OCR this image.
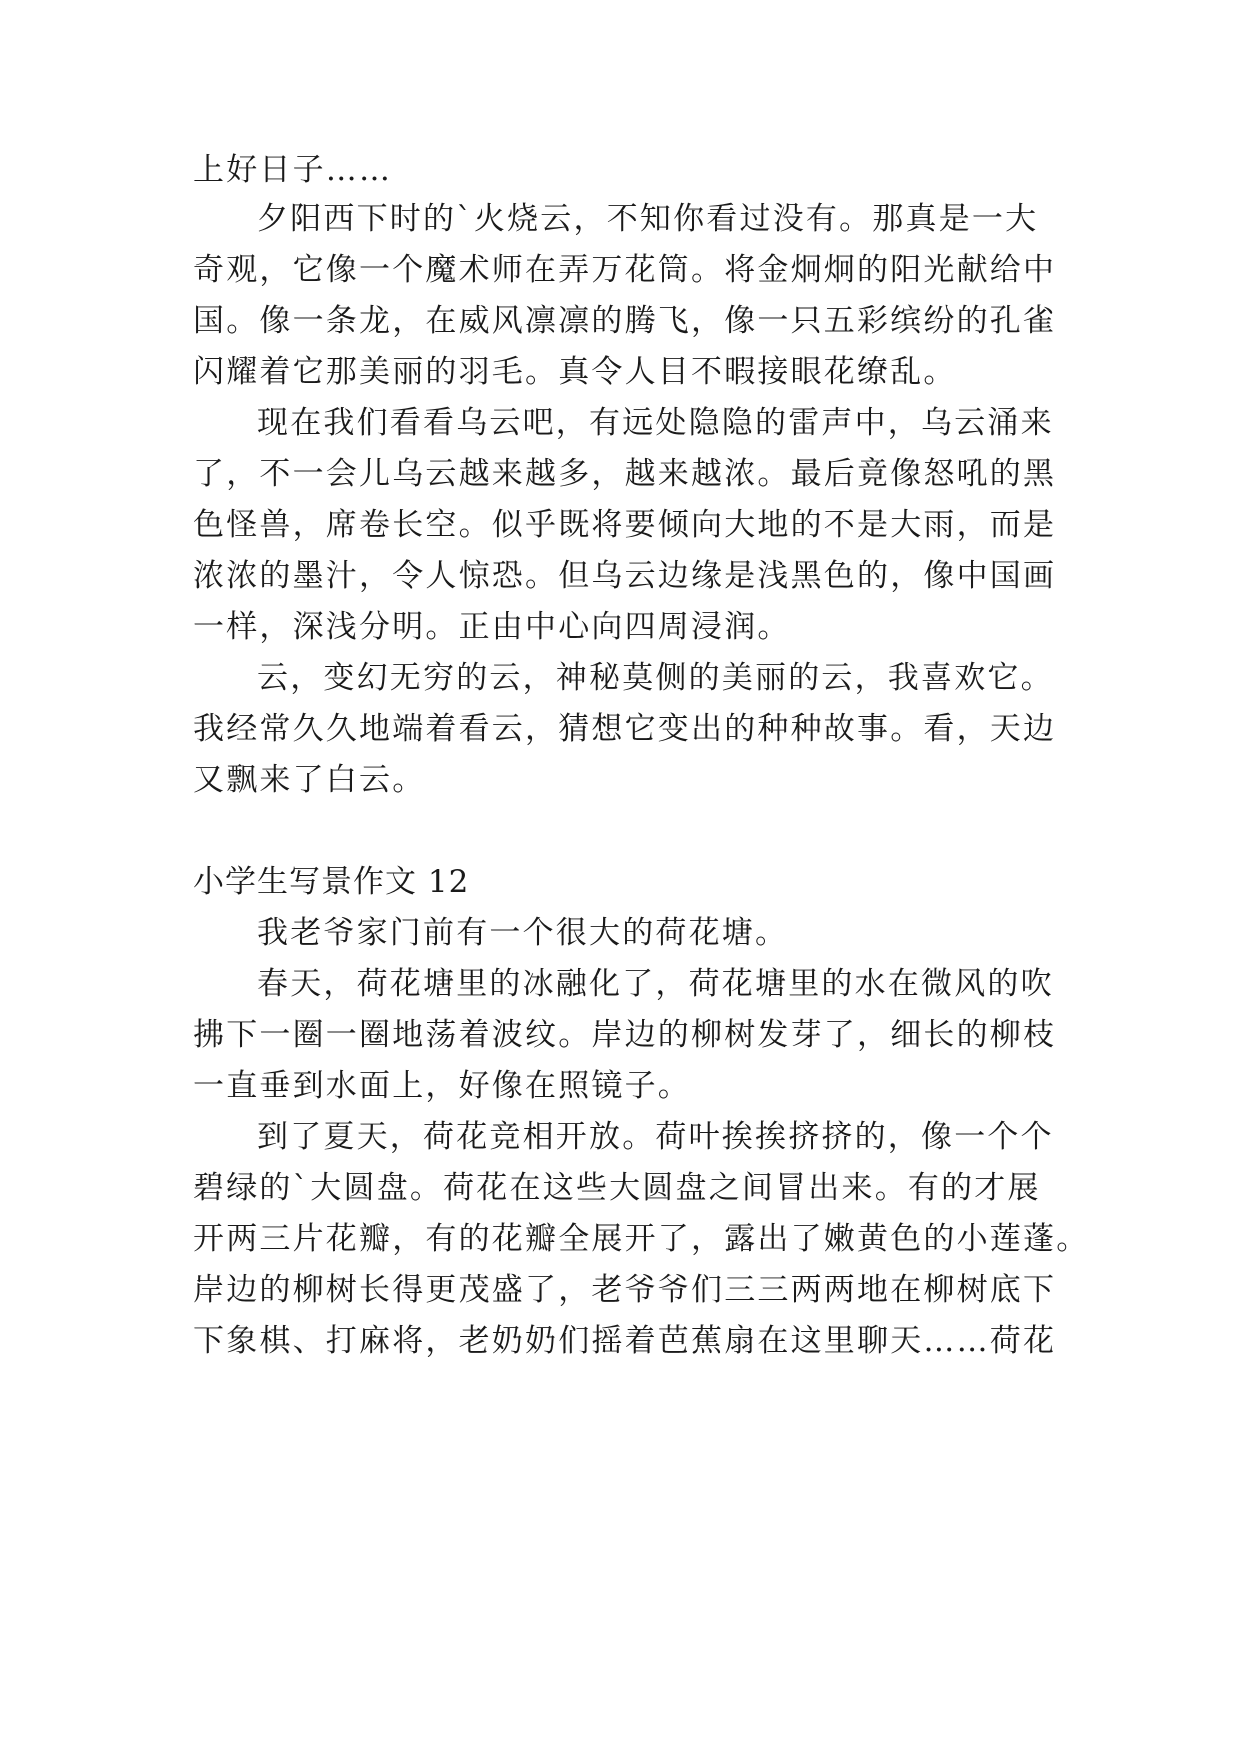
上好日子……
夕阳西下时的`火烧云，不知你看过没有。那真是一大
奇观，它像一个魔术师在弄万花筒。将金炯炯的阳光献给中
国。像一条龙，在威风凛凛的腾飞，像一只五彩缤纷的孔雀
闪耀着它那美丽的羽毛。真令人目不暇接眼花缭乱。
现在我们看看乌云吧，有远处隐隐的雷声中，乌云涌来
了，不一会儿乌云越来越多，越来越浓。最后竟像怒吼的黑
色怪兽，席卷长空。似乎既将要倾向大地的不是大雨，而是
浓浓的墨汁，令人惊恐。但乌云边缘是浅黑色的，像中国画
一样，深浅分明。正由中心向四周浸润。
云，变幻无穷的云，神秘莫侧的美丽的云，我喜欢它。
我经常久久地端着看云，猜想它变出的种种故事。看，天边
又飘来了白云。
小学生写景作文 12
我老爷家门前有一个很大的荷花塘。
春天，荷花塘里的冰融化了，荷花塘里的水在微风的吹
拂下一圈一圈地荡着波纹。岸边的柳树发芽了，细长的柳枝
一直垂到水面上，好像在照镜子。
到了夏天，荷花竞相开放。荷叶挨挨挤挤的，像一个个
碧绿的`大圆盘。荷花在这些大圆盘之间冒出来。有的才展
开两三片花瓣，有的花瓣全展开了，露出了嫩黄色的小莲蓬。
岸边的柳树长得更茂盛了，老爷爷们三三两两地在柳树底下
下象棋、打麻将，老奶奶们摇着芭蕉扇在这里聊天……荷花
